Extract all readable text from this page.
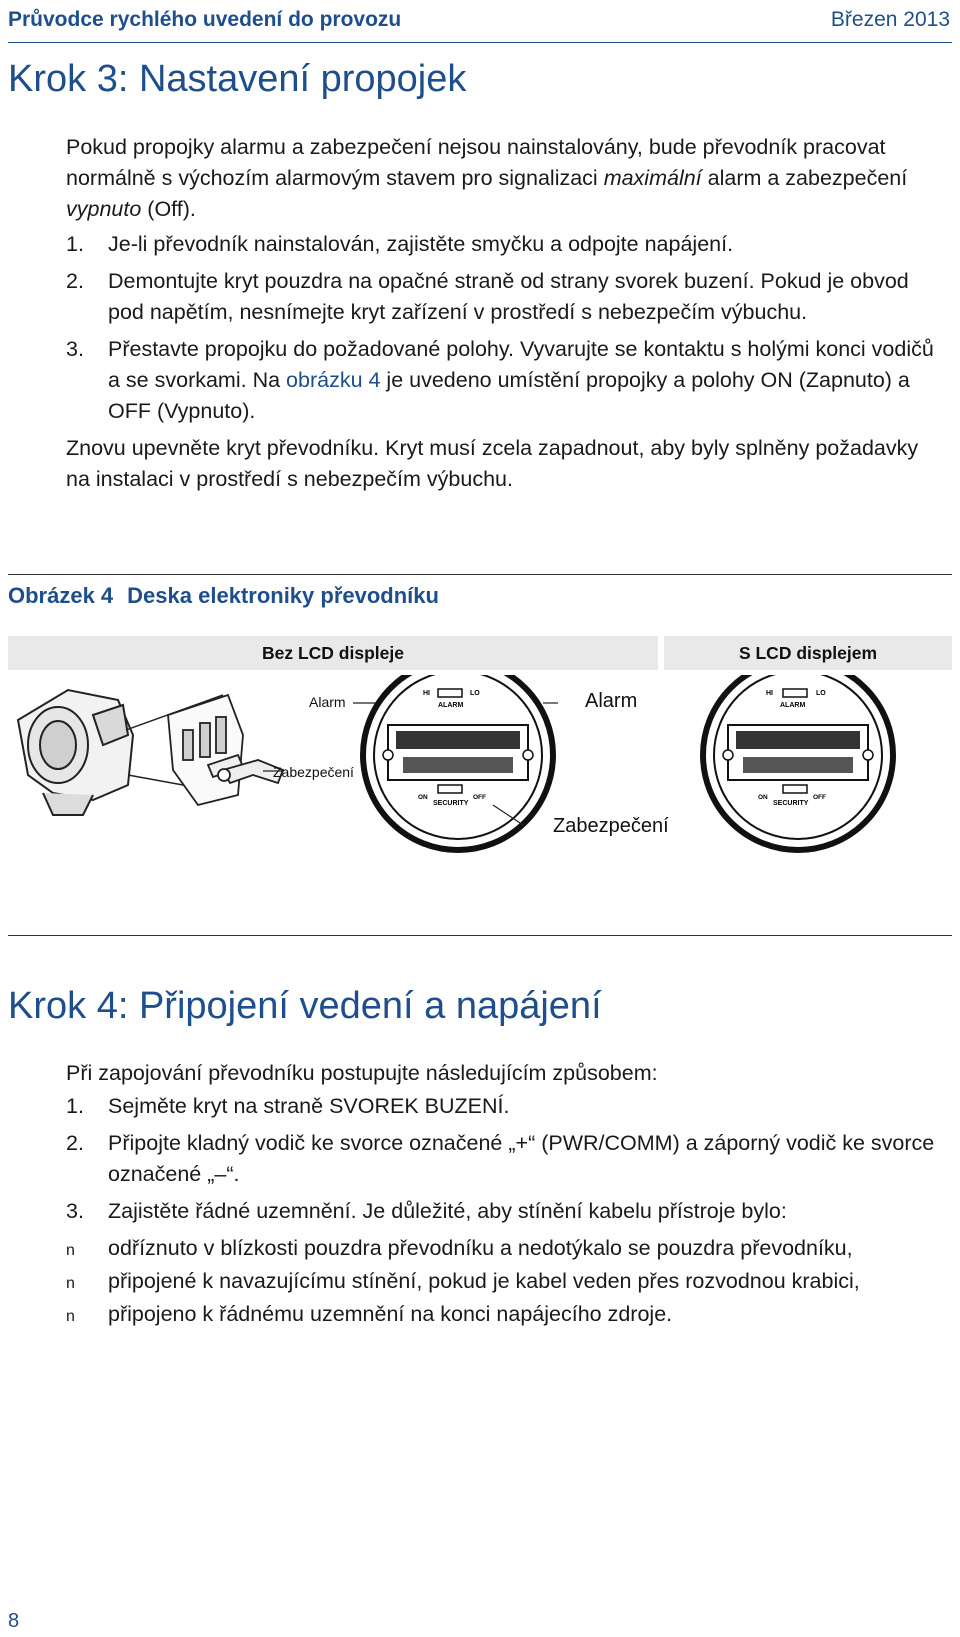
Průvodce rychlého uvedení do provozu	Březen 2013
Krok 3: Nastavení propojek
Pokud propojky alarmu a zabezpečení nejsou nainstalovány, bude převodník pracovat normálně s výchozím alarmovým stavem pro signalizaci maximální alarm a zabezpečení vypnuto (Off).
1. Je-li převodník nainstalován, zajistěte smyčku a odpojte napájení.
2. Demontujte kryt pouzdra na opačné straně od strany svorek buzení. Pokud je obvod pod napětím, nesnímejte kryt zařízení v prostředí s nebezpečím výbuchu.
3. Přestavte propojku do požadované polohy. Vyvarujte se kontaktu s holými konci vodičů a se svorkami. Na obrázku 4 je uvedeno umístění propojky a polohy ON (Zapnuto) a OFF (Vypnuto).
Znovu upevněte kryt převodníku. Kryt musí zcela zapadnout, aby byly splněny požadavky na instalaci v prostředí s nebezpečím výbuchu.
Obrázek 4 Deska elektroniky převodníku
Bez LCD displeje	S LCD displejem
HI	LO
ALARM
SECURITY
ON	OFF
HI	LO
ALARM
SECURITY
ON	OFF
Alarm
Zabezpečení
Alarm
Zabezpečení
Krok 4: Připojení vedení a napájení
Při zapojování převodníku postupujte následujícím způsobem:
1. Sejměte kryt na straně SVOREK BUZENÍ.
2. Připojte kladný vodič ke svorce označené „+“ (PWR/COMM) a záporný vodič ke svorce označené „–“.
3. Zajistěte řádné uzemnění. Je důležité, aby stínění kabelu přístroje bylo:
n odříznuto v blízkosti pouzdra převodníku a nedotýkalo se pouzdra převodníku,
n připojené k navazujícímu stínění, pokud je kabel veden přes rozvodnou krabici,
n připojeno k řádnému uzemnění na konci napájecího zdroje.
8
